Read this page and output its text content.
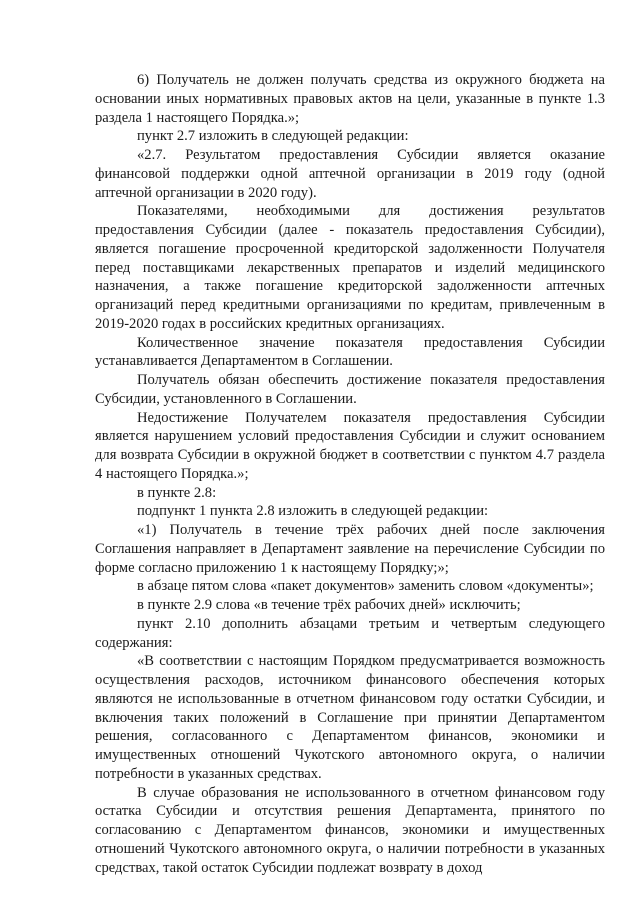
6) Получатель не должен получать средства из окружного бюджета на основании иных нормативных правовых актов на цели, указанные в пункте 1.3 раздела 1 настоящего Порядка.»;

пункт 2.7 изложить в следующей редакции:

«2.7. Результатом предоставления Субсидии является оказание финансовой поддержки одной аптечной организации в 2019 году (одной аптечной организации в 2020 году).

Показателями, необходимыми для достижения результатов предоставления Субсидии (далее - показатель предоставления Субсидии), является погашение просроченной кредиторской задолженности Получателя перед поставщиками лекарственных препаратов и изделий медицинского назначения, а также погашение кредиторской задолженности аптечных организаций перед кредитными организациями по кредитам, привлеченным в 2019-2020 годах в российских кредитных организациях.

Количественное значение показателя предоставления Субсидии устанавливается Департаментом в Соглашении.

Получатель обязан обеспечить достижение показателя предоставления Субсидии, установленного в Соглашении.

Недостижение Получателем показателя предоставления Субсидии является нарушением условий предоставления Субсидии и служит основанием для возврата Субсидии в окружной бюджет в соответствии с пунктом 4.7 раздела 4 настоящего Порядка.»;

в пункте 2.8:

подпункт 1 пункта 2.8 изложить в следующей редакции:

«1) Получатель в течение трёх рабочих дней после заключения Соглашения направляет в Департамент заявление на перечисление Субсидии по форме согласно приложению 1 к настоящему Порядку;»;

в абзаце пятом слова «пакет документов» заменить словом «документы»;

в пункте 2.9 слова «в течение трёх рабочих дней» исключить;

пункт 2.10 дополнить абзацами третьим и четвертым следующего содержания:

«В соответствии с настоящим Порядком предусматривается возможность осуществления расходов, источником финансового обеспечения которых являются не использованные в отчетном финансовом году остатки Субсидии, и включения таких положений в Соглашение при принятии Департаментом решения, согласованного с Департаментом финансов, экономики и имущественных отношений Чукотского автономного округа, о наличии потребности в указанных средствах.

В случае образования не использованного в отчетном финансовом году остатка Субсидии и отсутствия решения Департамента, принятого по согласованию с Департаментом финансов, экономики и имущественных отношений Чукотского автономного округа, о наличии потребности в указанных средствах, такой остаток Субсидии подлежат возврату в доход
